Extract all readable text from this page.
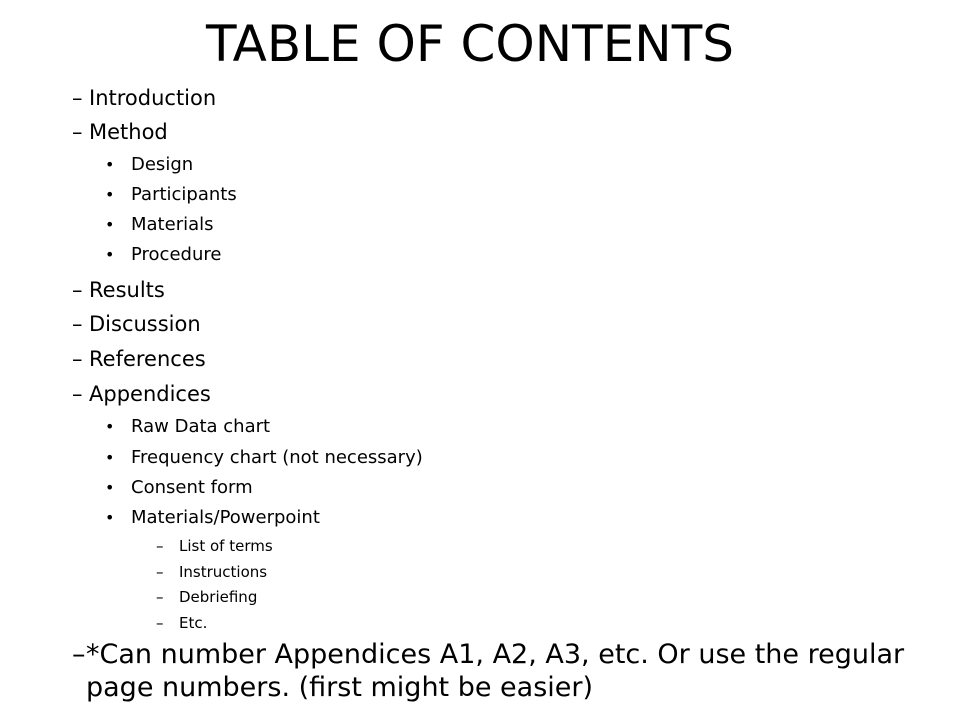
TABLE OF CONTENTS
– Introduction
– Method
• Design
• Participants
• Materials
• Procedure
– Results
– Discussion
– References
– Appendices
• Raw Data chart
• Frequency chart (not necessary)
• Consent form
• Materials/Powerpoint
– List of terms
– Instructions
– Debriefing
– Etc.
– *Can number Appendices A1, A2, A3, etc. Or use the regular page numbers. (first might be easier)
